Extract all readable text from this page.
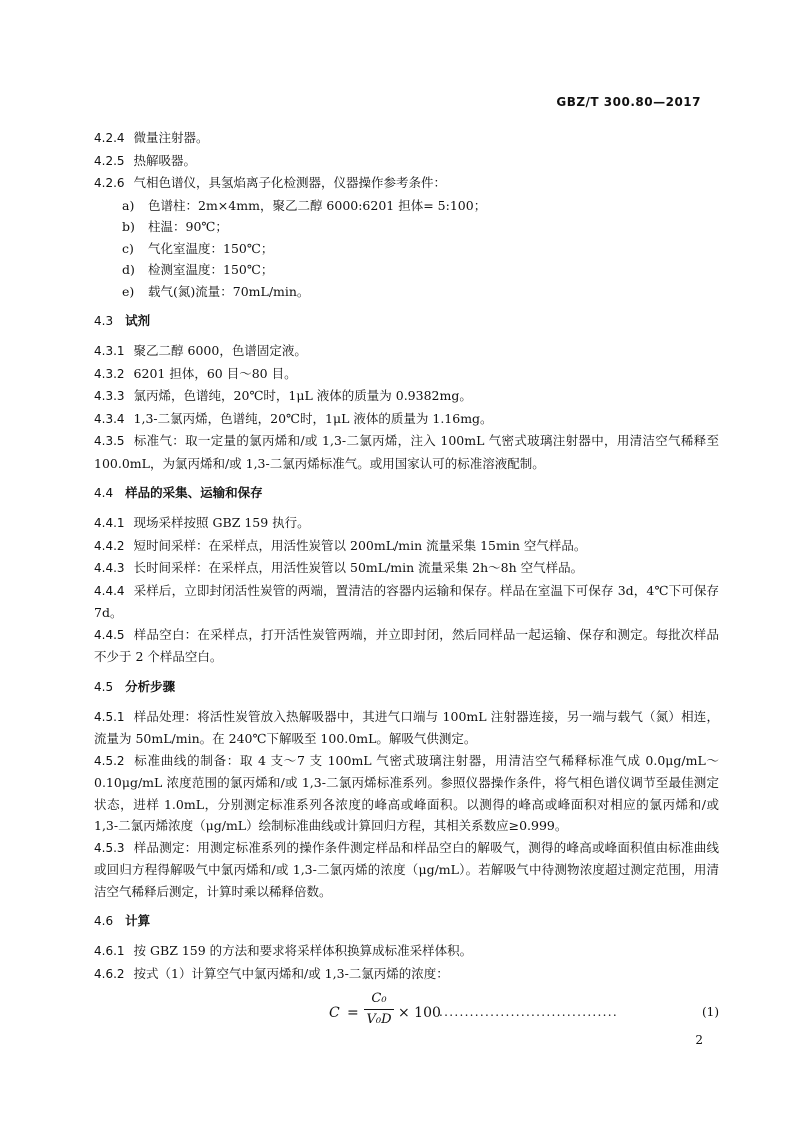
GBZ/T 300.80—2017
4.2.4 微量注射器。
4.2.5 热解吸器。
4.2.6 气相色谱仪，具氢焰离子化检测器，仪器操作参考条件：
a) 色谱柱：2m×4mm，聚乙二醇 6000:6201 担体= 5:100；
b) 柱温：90℃；
c) 气化室温度：150℃；
d) 检测室温度：150℃；
e) 载气(氮)流量：70mL/min。
4.3 试剂
4.3.1 聚乙二醇 6000，色谱固定液。
4.3.2 6201 担体，60 目～80 目。
4.3.3 氯丙烯，色谱纯，20℃时，1μL 液体的质量为 0.9382mg。
4.3.4 1,3-二氯丙烯，色谱纯，20℃时，1μL 液体的质量为 1.16mg。
4.3.5 标准气：取一定量的氯丙烯和/或 1,3-二氯丙烯，注入 100mL 气密式玻璃注射器中，用清洁空气稀释至 100.0mL，为氯丙烯和/或 1,3-二氯丙烯标准气。或用国家认可的标准溶液配制。
4.4 样品的采集、运输和保存
4.4.1 现场采样按照 GBZ 159 执行。
4.4.2 短时间采样：在采样点，用活性炭管以 200mL/min 流量采集 15min 空气样品。
4.4.3 长时间采样：在采样点，用活性炭管以 50mL/min 流量采集 2h～8h 空气样品。
4.4.4 采样后，立即封闭活性炭管的两端，置清洁的容器内运输和保存。样品在室温下可保存 3d，4℃下可保存 7d。
4.4.5 样品空白：在采样点，打开活性炭管两端，并立即封闭，然后同样品一起运输、保存和测定。每批次样品不少于 2 个样品空白。
4.5 分析步骤
4.5.1 样品处理：将活性炭管放入热解吸器中，其进气口端与 100mL 注射器连接，另一端与载气（氮）相连，流量为 50mL/min。在 240℃下解吸至 100.0mL。解吸气供测定。
4.5.2 标准曲线的制备：取 4 支～7 支 100mL 气密式玻璃注射器，用清洁空气稀释标准气成 0.0μg/mL～0.10μg/mL 浓度范围的氯丙烯和/或 1,3-二氯丙烯标准系列。参照仪器操作条件，将气相色谱仪调节至最佳测定状态，进样 1.0mL，分别测定标准系列各浓度的峰高或峰面积。以测得的峰高或峰面积对相应的氯丙烯和/或 1,3-二氯丙烯浓度（μg/mL）绘制标准曲线或计算回归方程，其相关系数应≥0.999。
4.5.3 样品测定：用测定标准系列的操作条件测定样品和样品空白的解吸气，测得的峰高或峰面积值由标准曲线或回归方程得解吸气中氯丙烯和/或 1,3-二氯丙烯的浓度（μg/mL）。若解吸气中待测物浓度超过测定范围，用清洁空气稀释后测定，计算时乘以稀释倍数。
4.6 计算
4.6.1 按 GBZ 159 的方法和要求将采样体积换算成标准采样体积。
4.6.2 按式（1）计算空气中氯丙烯和/或 1,3-二氯丙烯的浓度：
C =
C₀
V₀D × 100
...................................	(1)
2
